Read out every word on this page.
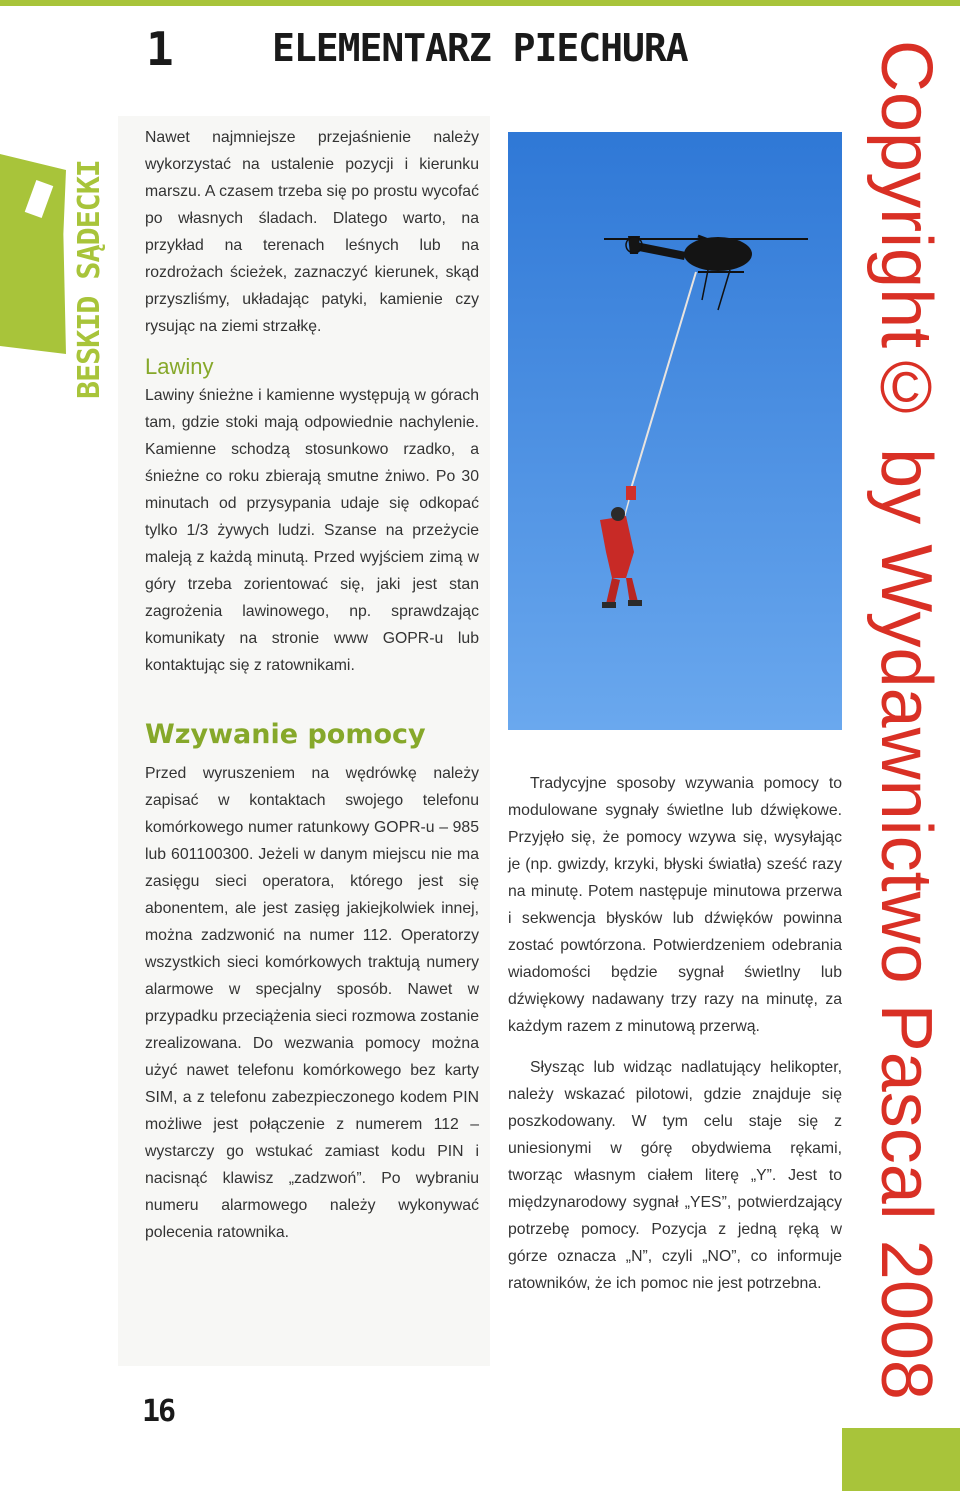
1	ELEMENTARZ PIECHURA
BESKID SĄDECKI

Nawet najmniejsze przejaśnienie należy wykorzystać na ustalenie pozycji i kierunku marszu. A czasem trzeba się po prostu wycofać po własnych śladach. Dlatego warto, na przykład na terenach leśnych lub na rozdrożach ścieżek, zaznaczyć kierunek, skąd przyszliśmy, układając patyki, kamienie czy rysując na ziemi strzałkę.

Lawiny

Lawiny śnieżne i kamienne występują w górach tam, gdzie stoki mają odpowiednie nachylenie. Kamienne schodzą stosunkowo rzadko, a śnieżne co roku zbierają smutne żniwo. Po 30 minutach od przysypania udaje się odkopać tylko 1/3 żywych ludzi. Szanse na przeżycie maleją z każdą minutą. Przed wyjściem zimą w góry trzeba zorientować się, jaki jest stan zagrożenia lawinowego, np. sprawdzając komunikaty na stronie www GOPR-u lub kontaktując się z ratownikami.

Wzywanie pomocy

Przed wyruszeniem na wędrówkę należy zapisać w kontaktach swojego telefonu komórkowego numer ratunkowy GOPR-u – 985 lub 601100300. Jeżeli w danym miejscu nie ma zasięgu sieci operatora, którego jest się abonentem, ale jest zasięg jakiejkolwiek innej, można zadzwonić na numer 112. Operatorzy wszystkich sieci komórkowych traktują numery alarmowe w specjalny sposób. Nawet w przypadku przeciążenia sieci rozmowa zostanie zrealizowana. Do wezwania pomocy można użyć nawet telefonu komórkowego bez karty SIM, a z telefonu zabezpieczonego kodem PIN możliwe jest połączenie z numerem 112 – wystarczy go wstukać zamiast kodu PIN i nacisnąć klawisz „zadzwoń”. Po wybraniu numeru alarmowego należy wykonywać polecenia ratownika.

Tradycyjne sposoby wzywania pomocy to modulowane sygnały świetlne lub dźwiękowe. Przyjęło się, że pomocy wzywa się, wysyłając je (np. gwizdy, krzyki, błyski światła) sześć razy na minutę. Potem następuje minutowa przerwa i sekwencja błysków lub dźwięków powinna zostać powtórzona. Potwierdzeniem odebrania wiadomości będzie sygnał świetlny lub dźwiękowy nadawany trzy razy na minutę, za każdym razem z minutową przerwą.

Słysząc lub widząc nadlatujący helikopter, należy wskazać pilotowi, gdzie znajduje się poszkodowany. W tym celu staje się z uniesionymi w górę obydwiema rękami, tworząc własnym ciałem literę „Y”. Jest to międzynarodowy sygnał „YES”, potwierdzający potrzebę pomocy. Pozycja z jedną ręką w górze oznacza „N”, czyli „NO”, co informuje ratowników, że ich pomoc nie jest potrzebna. Copyright© by Wydawnictwo Pascal 2008
16
